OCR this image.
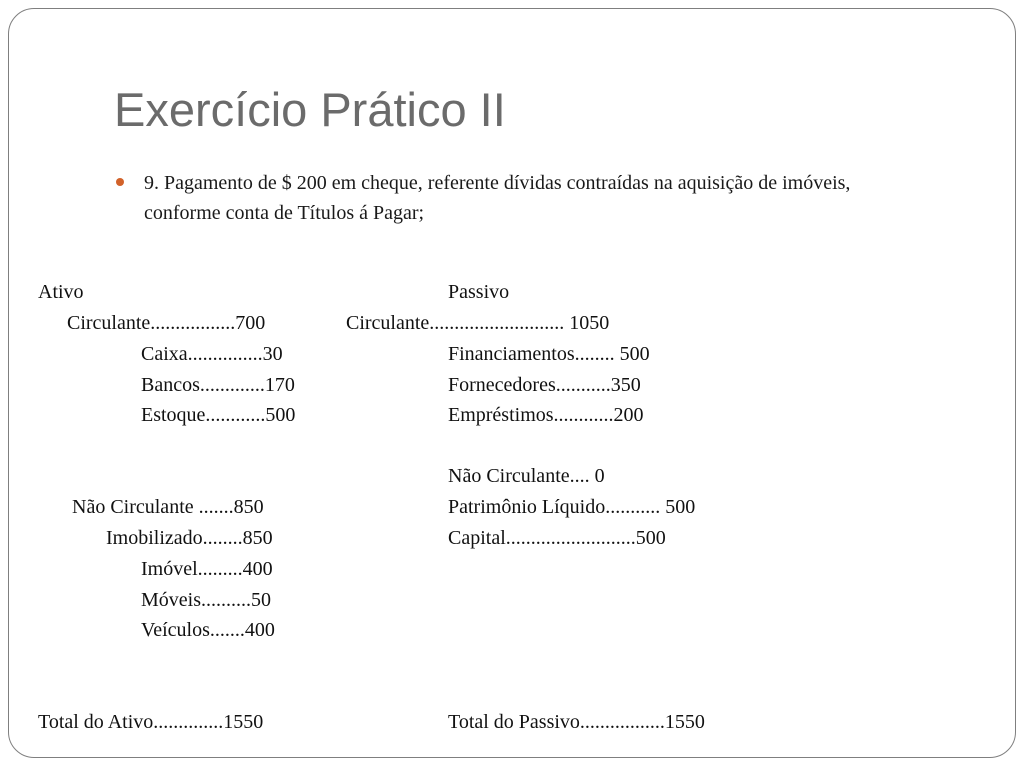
Exercício Prático II
9. Pagamento de $ 200 em cheque, referente dívidas contraídas na aquisição de imóveis,
conforme conta de Títulos á Pagar;
Ativo
Circulante.................700
Caixa...............30
Bancos.............170
Estoque............500
Não Circulante .......850
Imobilizado........850
Imóvel.........400
Móveis..........50
Veículos.......400
Total do Ativo..............1550
Passivo
Circulante........................... 1050
Financiamentos........ 500
Fornecedores...........350
Empréstimos............200
Não Circulante.... 0
Patrimônio Líquido........... 500
Capital..........................500
Total do Passivo.................1550
